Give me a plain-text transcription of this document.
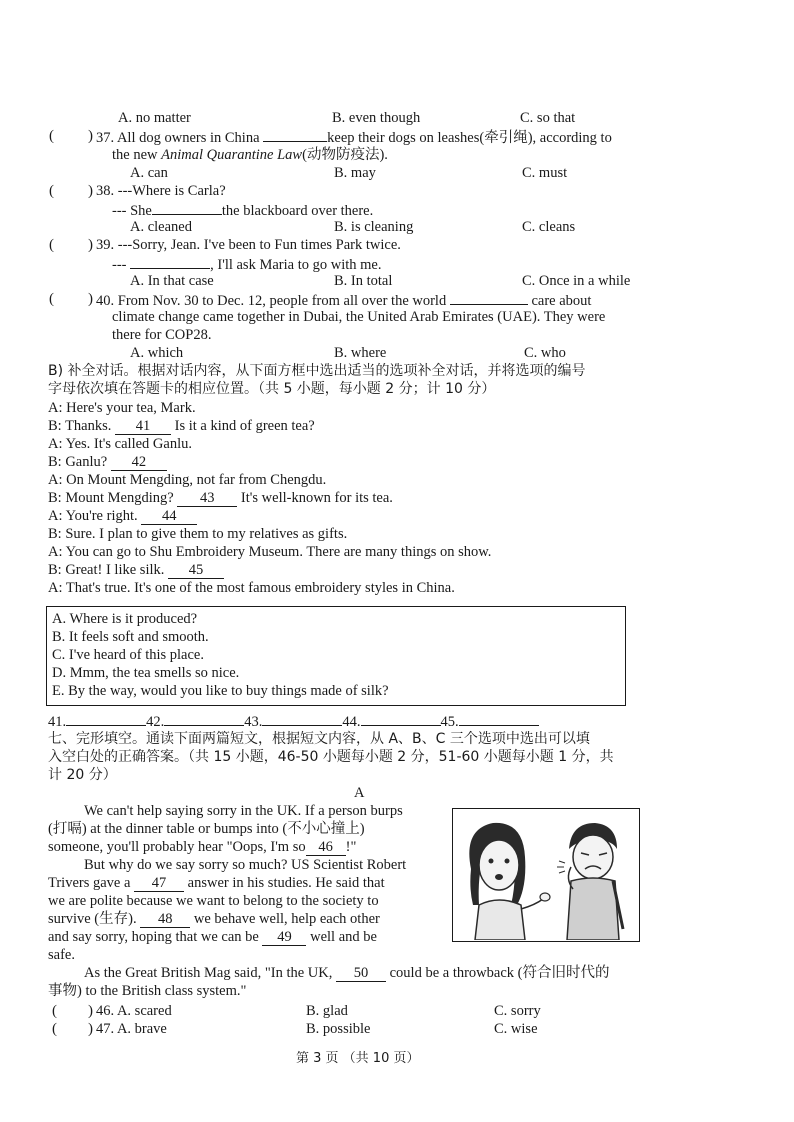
A. no matter	B. even though	C. so that
( ) 37. All dog owners in China	keep their dogs on leashes(牵引绳), according to
the new Animal Quarantine Law(动物防疫法).
A. can	B. may	C. must
( ) 38. ---Where is Carla?
--- She	the blackboard over there.
A. cleaned	B. is cleaning	C. cleans
( ) 39. ---Sorry, Jean. I've been to Fun times Park twice.
---	, I'll ask Maria to go with me.
A. In that case	B. In total	C. Once in a while
( ) 40. From Nov. 30 to Dec. 12, people from all over the world	care about
climate change came together in Dubai, the United Arab Emirates (UAE). They were
there for COP28.
A. which	B. where	C. who
B) 补全对话。根据对话内容，从下面方框中选出适当的选项补全对话，并将选项的编号
字母依次填在答题卡的相应位置。（共 5 小题，每小题 2 分；计 10 分）
A: Here's your tea, Mark.
B: Thanks. 41 Is it a kind of green tea?
A: Yes. It's called Ganlu.
B: Ganlu? 42
A: On Mount Mengding, not far from Chengdu.
B: Mount Mengding? 43 It's well-known for its tea.
A: You're right. 44
B: Sure. I plan to give them to my relatives as gifts.
A: You can go to Shu Embroidery Museum. There are many things on show.
B: Great! I like silk. 45
A: That's true. It's one of the most famous embroidery styles in China.
A. Where is it produced?
B. It feels soft and smooth.
C. I've heard of this place.
D. Mmm, the tea smells so nice.
E. By the way, would you like to buy things made of silk?
41.	42.	43.	44.	45.
七、完形填空。通读下面两篇短文，根据短文内容，从 A、B、C 三个选项中选出可以填
入空白处的正确答案。（共 15 小题，46-50 小题每小题 2 分，51-60 小题每小题 1 分，共
计 20 分）
A
We can't help saying sorry in the UK. If a person burps
(打嗝) at the dinner table or bumps into (不小心撞上)
someone, you'll probably hear "Oops, I'm so 46 !"
But why do we say sorry so much? US Scientist Robert
Trivers gave a 47 answer in his studies. He said that
we are polite because we want to belong to the society to
survive (生存). 48 we behave well, help each other
and say sorry, hoping that we can be 49 well and be
safe.
As the Great British Mag said, "In the UK, 50 could be a throwback (符合旧时代的
事物) to the British class system."
( ) 46. A. scared	B. glad	C. sorry
( ) 47. A. brave	B. possible	C. wise
第 3 页 （共 10 页）
